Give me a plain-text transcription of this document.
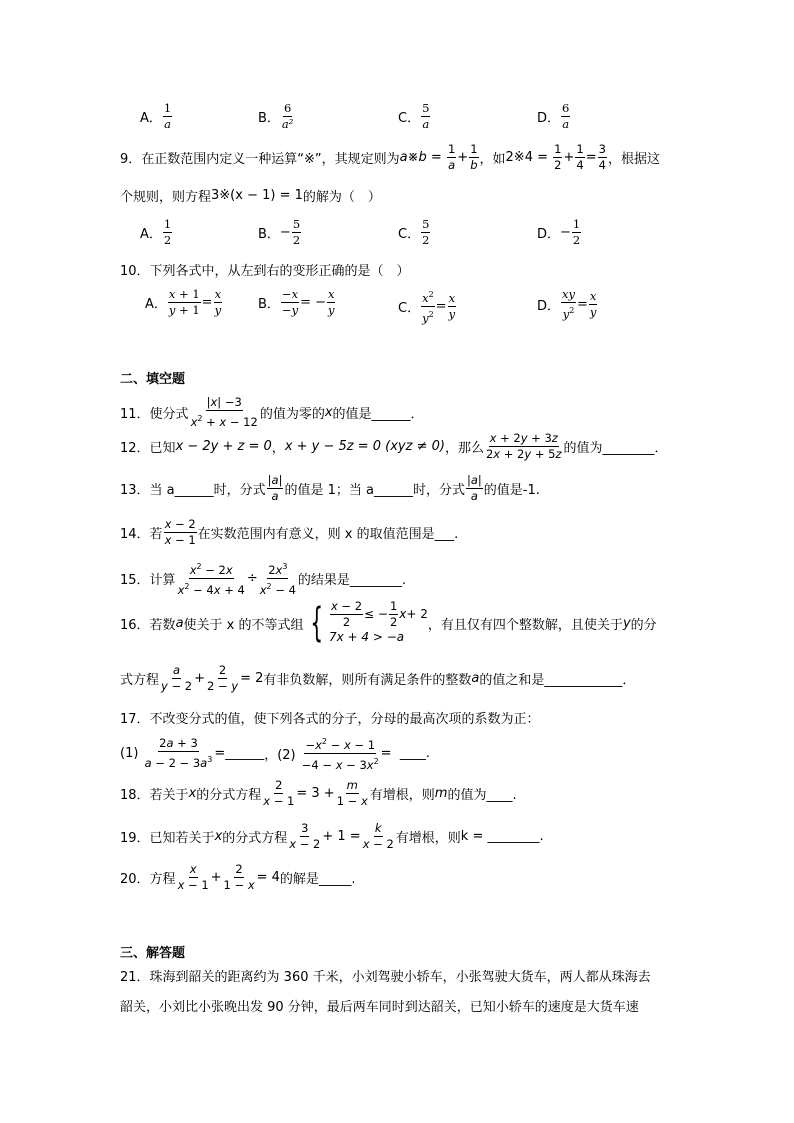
A． $\frac{1}{a}$	B． $\frac{6}{\text{a²}}$	C． $\frac{5}{a}$	D． $\frac{6}{a}$
9． 在正数范围内定义一种运算“※”，其规定则为 a※b = $\frac{1}{a} + \frac{1}{b}$ ，如 2※4 = $\frac{1}{2} + \frac{1}{4} = \frac{3}{4}$ ，根据这
个规则，则方程 3※(x − 1) = 1 的解为（　）
A． $\frac{1}{2}$	B． − $\frac{5}{2}$	C． $\frac{5}{2}$	D． − $\frac{1}{2}$
10． 下列各式中，从左到右的变形正确的是（　）
A． $\frac{x + 1}{y + 1} = \frac{x}{y}$	B． $\frac{-x}{-y}$ = − $\frac{x}{y}$	C． $\frac{x^2}{y^2} = \frac{x}{y}$	D． $\frac{xy}{y^2} = \frac{x}{y}$
二、填空题
11． 使分式 $\frac{|x| -3}{x^2 + x - 12}$ 的值为零的 x 的值是______．
12． 已知 x − 2y + z = 0 ， x + y − 5z = 0 (xyz ≠ 0) ，那么 $\frac{x + 2y + 3z}{2x + 2y + 5z}$ 的值为________．
13． 当 a______时，分式 $\frac{|a|}{a}$ 的值是 1；当 a______时，分式 $\frac{|a|}{a}$ 的值是-1.
14． 若 $\frac{x - 2}{x - 1}$ 在实数范围内有意义，则 x 的取值范围是___.
15． 计算 $\frac{x^2 - 2x}{x^2 - 4x + 4} \div \frac{2x^3}{x^2 - 4}$ 的结果是________.
16． 若数 a 使关于 x 的不等式组 { $\frac{x - 2}{2}$ ≤ − $\frac{1}{2}$ x + 2
7x + 4 > −a
，有且仅有四个整数解，且使关于 y 的分
式方程 $\frac{a}{y - 2} + \frac{2}{2 - y} = 2$ 有非负数解，则所有满足条件的整数 a 的值之和是____________．
17． 不改变分式的值，使下列各式的分子，分母的最高次项的系数为正：
(1)
$\frac{2a + 3}{a - 2 - 3a^3}$ = ______ ，(2)
$\frac{-x^2 - x - 1}{-4 - x - 3x^2}$ = ____.
18． 若关于 x 的分式方程 $\frac{2}{x - 1} = 3 + \frac{m}{1 - x}$ 有增根，则 m 的值为____.
19． 已知若关于 x 的分式方程 $\frac{3}{x - 2} + 1 = \frac{k}{x - 2}$ 有增根，则 k = ________.
20． 方程 $\frac{x}{x - 1} + \frac{2}{1 - x} = 4$ 的解是_____.
三、解答题
21．珠海到韶关的距离约为 360 千米，小刘驾驶小轿车，小张驾驶大货车，两人都从珠海去
韶关，小刘比小张晚出发 90 分钟，最后两车同时到达韶关，已知小轿车的速度是大货车速
